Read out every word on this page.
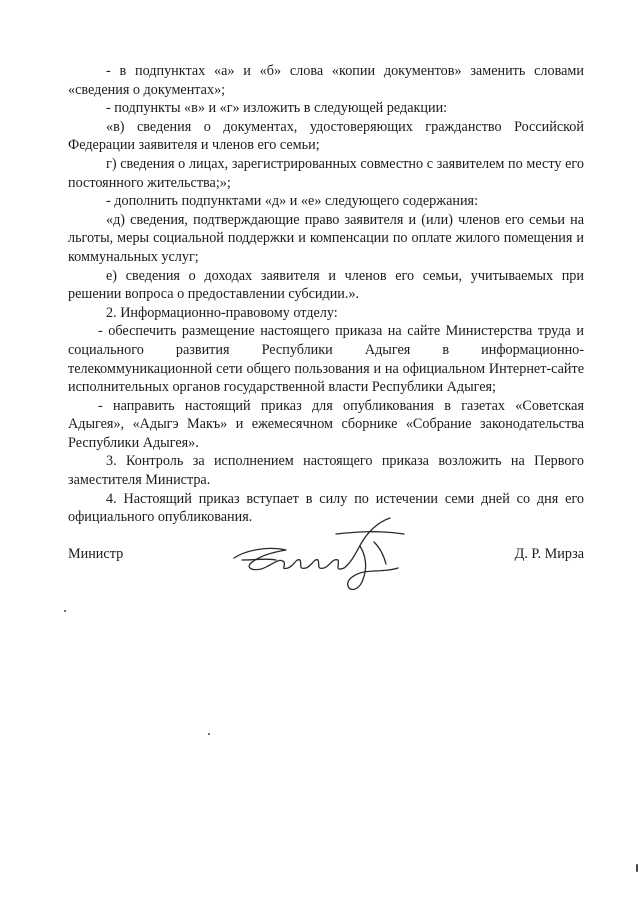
- в подпунктах «а» и «б» слова «копии документов» заменить словами «сведения о документах»;

- подпункты «в» и «г» изложить в следующей редакции:

«в) сведения о документах, удостоверяющих гражданство Российской Федерации заявителя и членов его семьи;

г) сведения о лицах, зарегистрированных совместно с заявителем по месту его постоянного жительства;»;

- дополнить подпунктами «д» и «е» следующего содержания:

«д) сведения, подтверждающие право заявителя и (или) членов его семьи на льготы, меры социальной поддержки и компенсации по оплате жилого помещения и коммунальных услуг;

е) сведения о доходах заявителя и членов его семьи, учитываемых при решении вопроса о предоставлении субсидии.».

2. Информационно-правовому отделу:

- обеспечить размещение настоящего приказа на сайте Министерства труда и социального развития Республики Адыгея в информационно-телекоммуникационной сети общего пользования и на официальном Интернет-сайте исполнительных органов государственной власти Республики Адыгея;

- направить настоящий приказ для опубликования в газетах «Советская Адыгея», «Адыгэ Макъ» и ежемесячном сборнике «Собрание законодательства Республики Адыгея».

3. Контроль за исполнением настоящего приказа возложить на Первого заместителя Министра.

4. Настоящий приказ вступает в силу по истечении семи дней со дня его официального опубликования.

Министр	Д. Р. Мирза
